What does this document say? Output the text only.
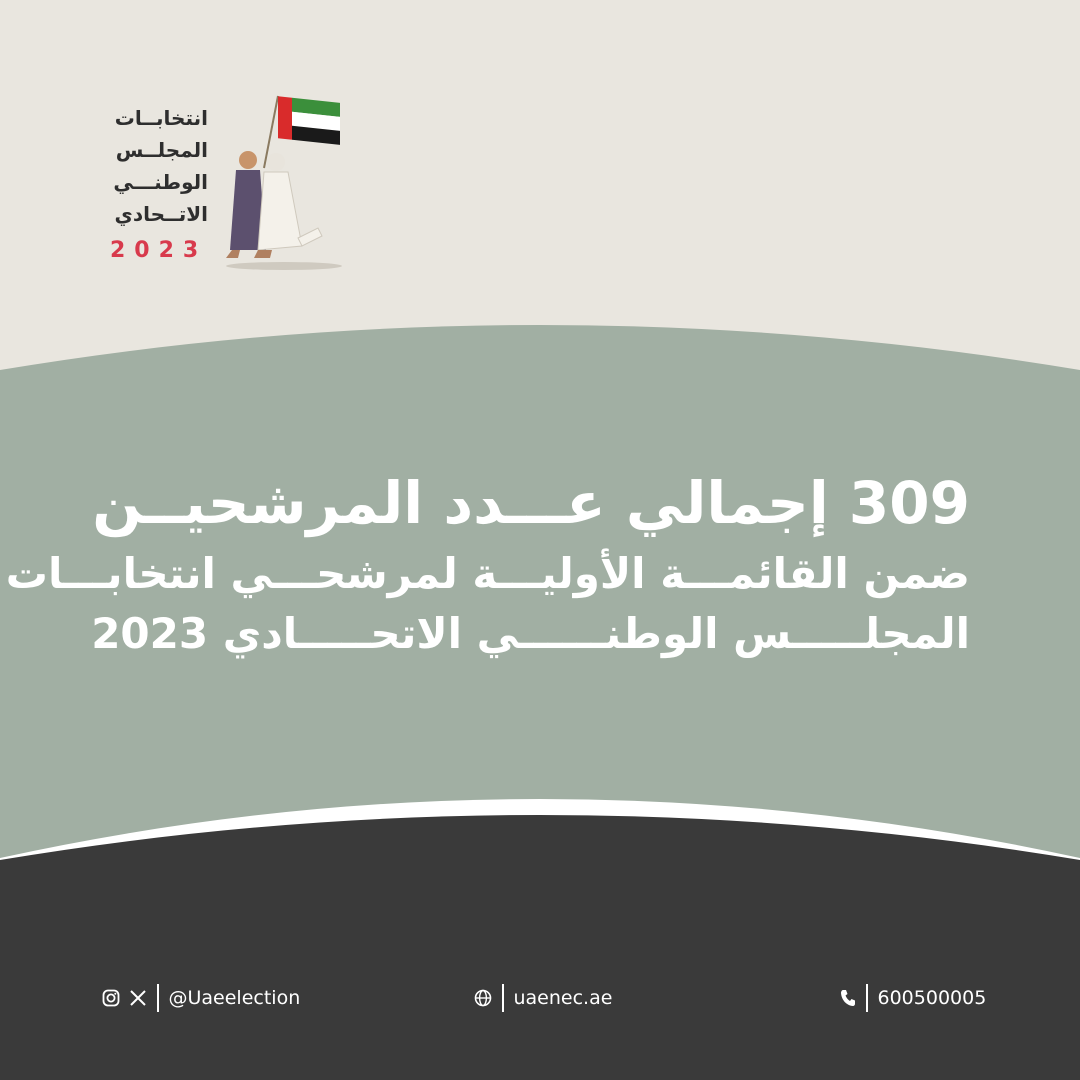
انتخابــات
المجلــس
الوطنـــي
الاتــحادي
2023
309 إجمالي عـــدد المرشحيــن
ضمن القائمـــة الأوليـــة لمرشحـــي انتخابـــات
المجلـــــس الوطنــــــي الاتحـــــادي 2023
@Uaeelection	uaenec.ae	600500005
